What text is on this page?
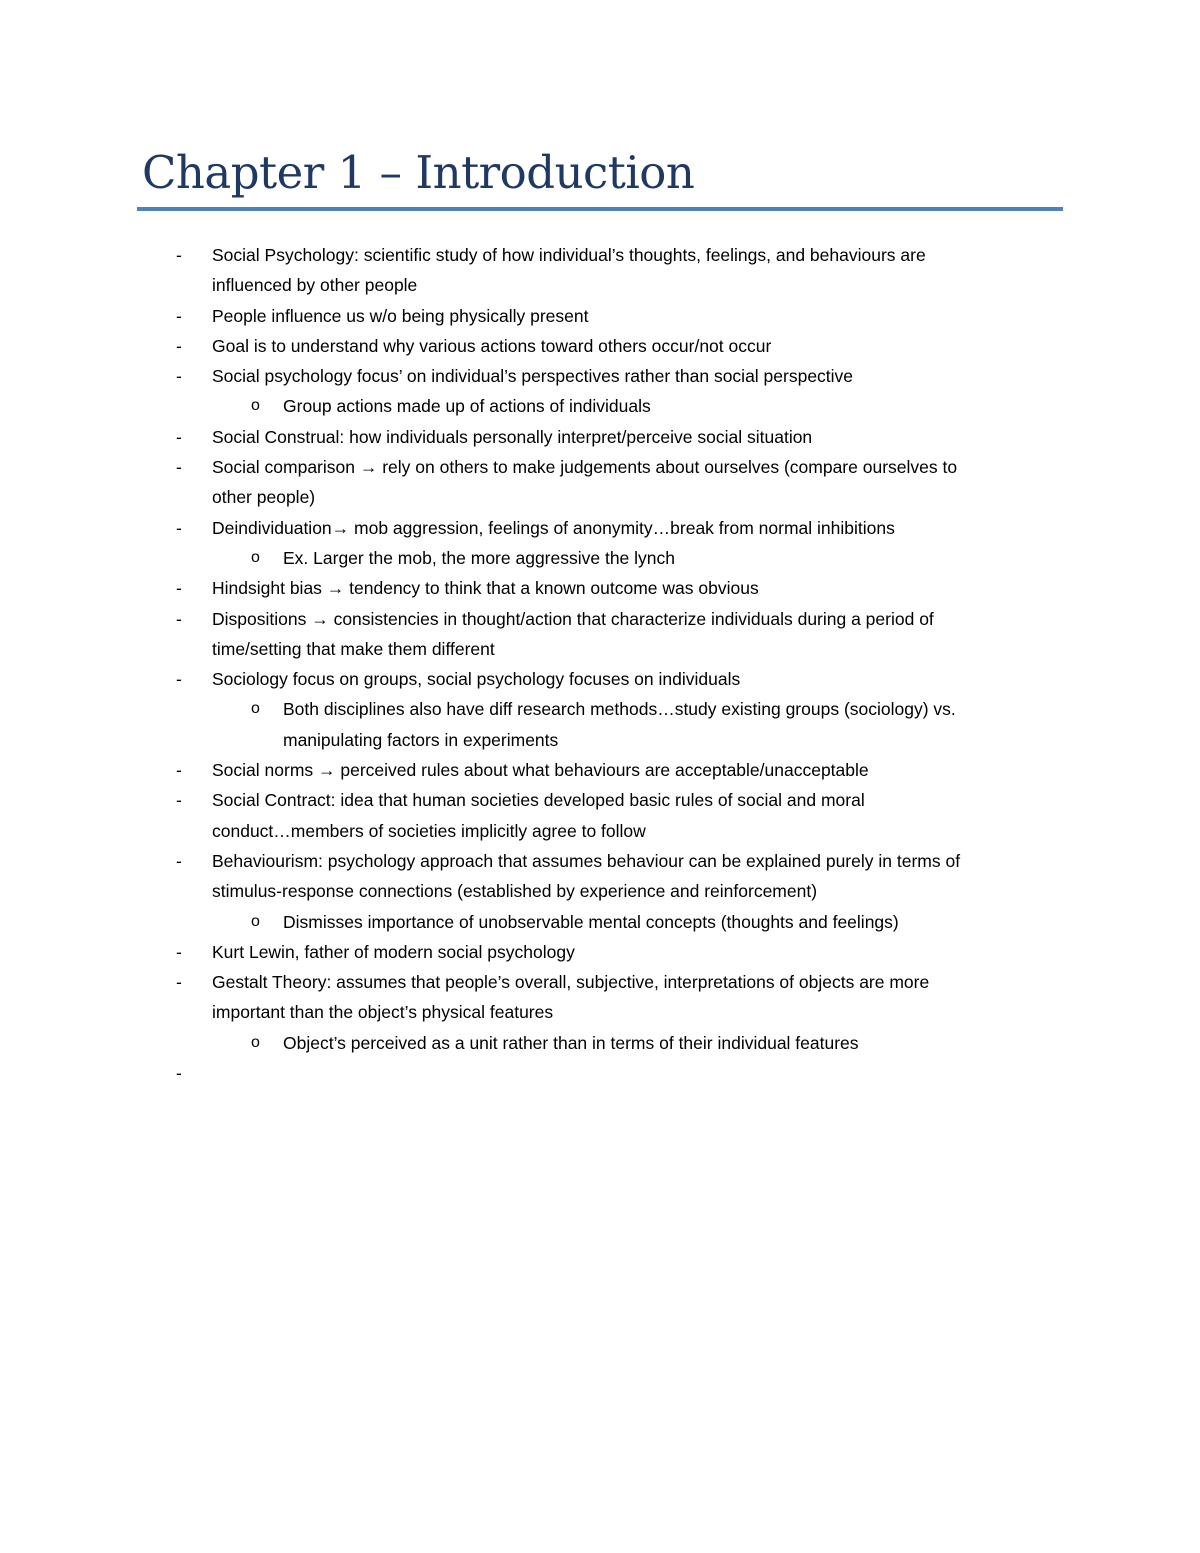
Chapter 1 – Introduction
- Social Psychology: scientific study of how individual’s thoughts, feelings, and behaviours are
influenced by other people
- People influence us w/o being physically present
- Goal is to understand why various actions toward others occur/not occur
- Social psychology focus’ on individual’s perspectives rather than social perspective
o Group actions made up of actions of individuals
- Social Construal: how individuals personally interpret/perceive social situation
- Social comparison → rely on others to make judgements about ourselves (compare ourselves to
other people)
- Deindividuation→ mob aggression, feelings of anonymity…break from normal inhibitions
o Ex. Larger the mob, the more aggressive the lynch
- Hindsight bias → tendency to think that a known outcome was obvious
- Dispositions → consistencies in thought/action that characterize individuals during a period of
time/setting that make them different
- Sociology focus on groups, social psychology focuses on individuals
o Both disciplines also have diff research methods…study existing groups (sociology) vs.
manipulating factors in experiments
- Social norms → perceived rules about what behaviours are acceptable/unacceptable
- Social Contract: idea that human societies developed basic rules of social and moral
conduct…members of societies implicitly agree to follow
- Behaviourism: psychology approach that assumes behaviour can be explained purely in terms of
stimulus-response connections (established by experience and reinforcement)
o Dismisses importance of unobservable mental concepts (thoughts and feelings)
- Kurt Lewin, father of modern social psychology
- Gestalt Theory: assumes that people’s overall, subjective, interpretations of objects are more
important than the object’s physical features
o Object’s perceived as a unit rather than in terms of their individual features
-
